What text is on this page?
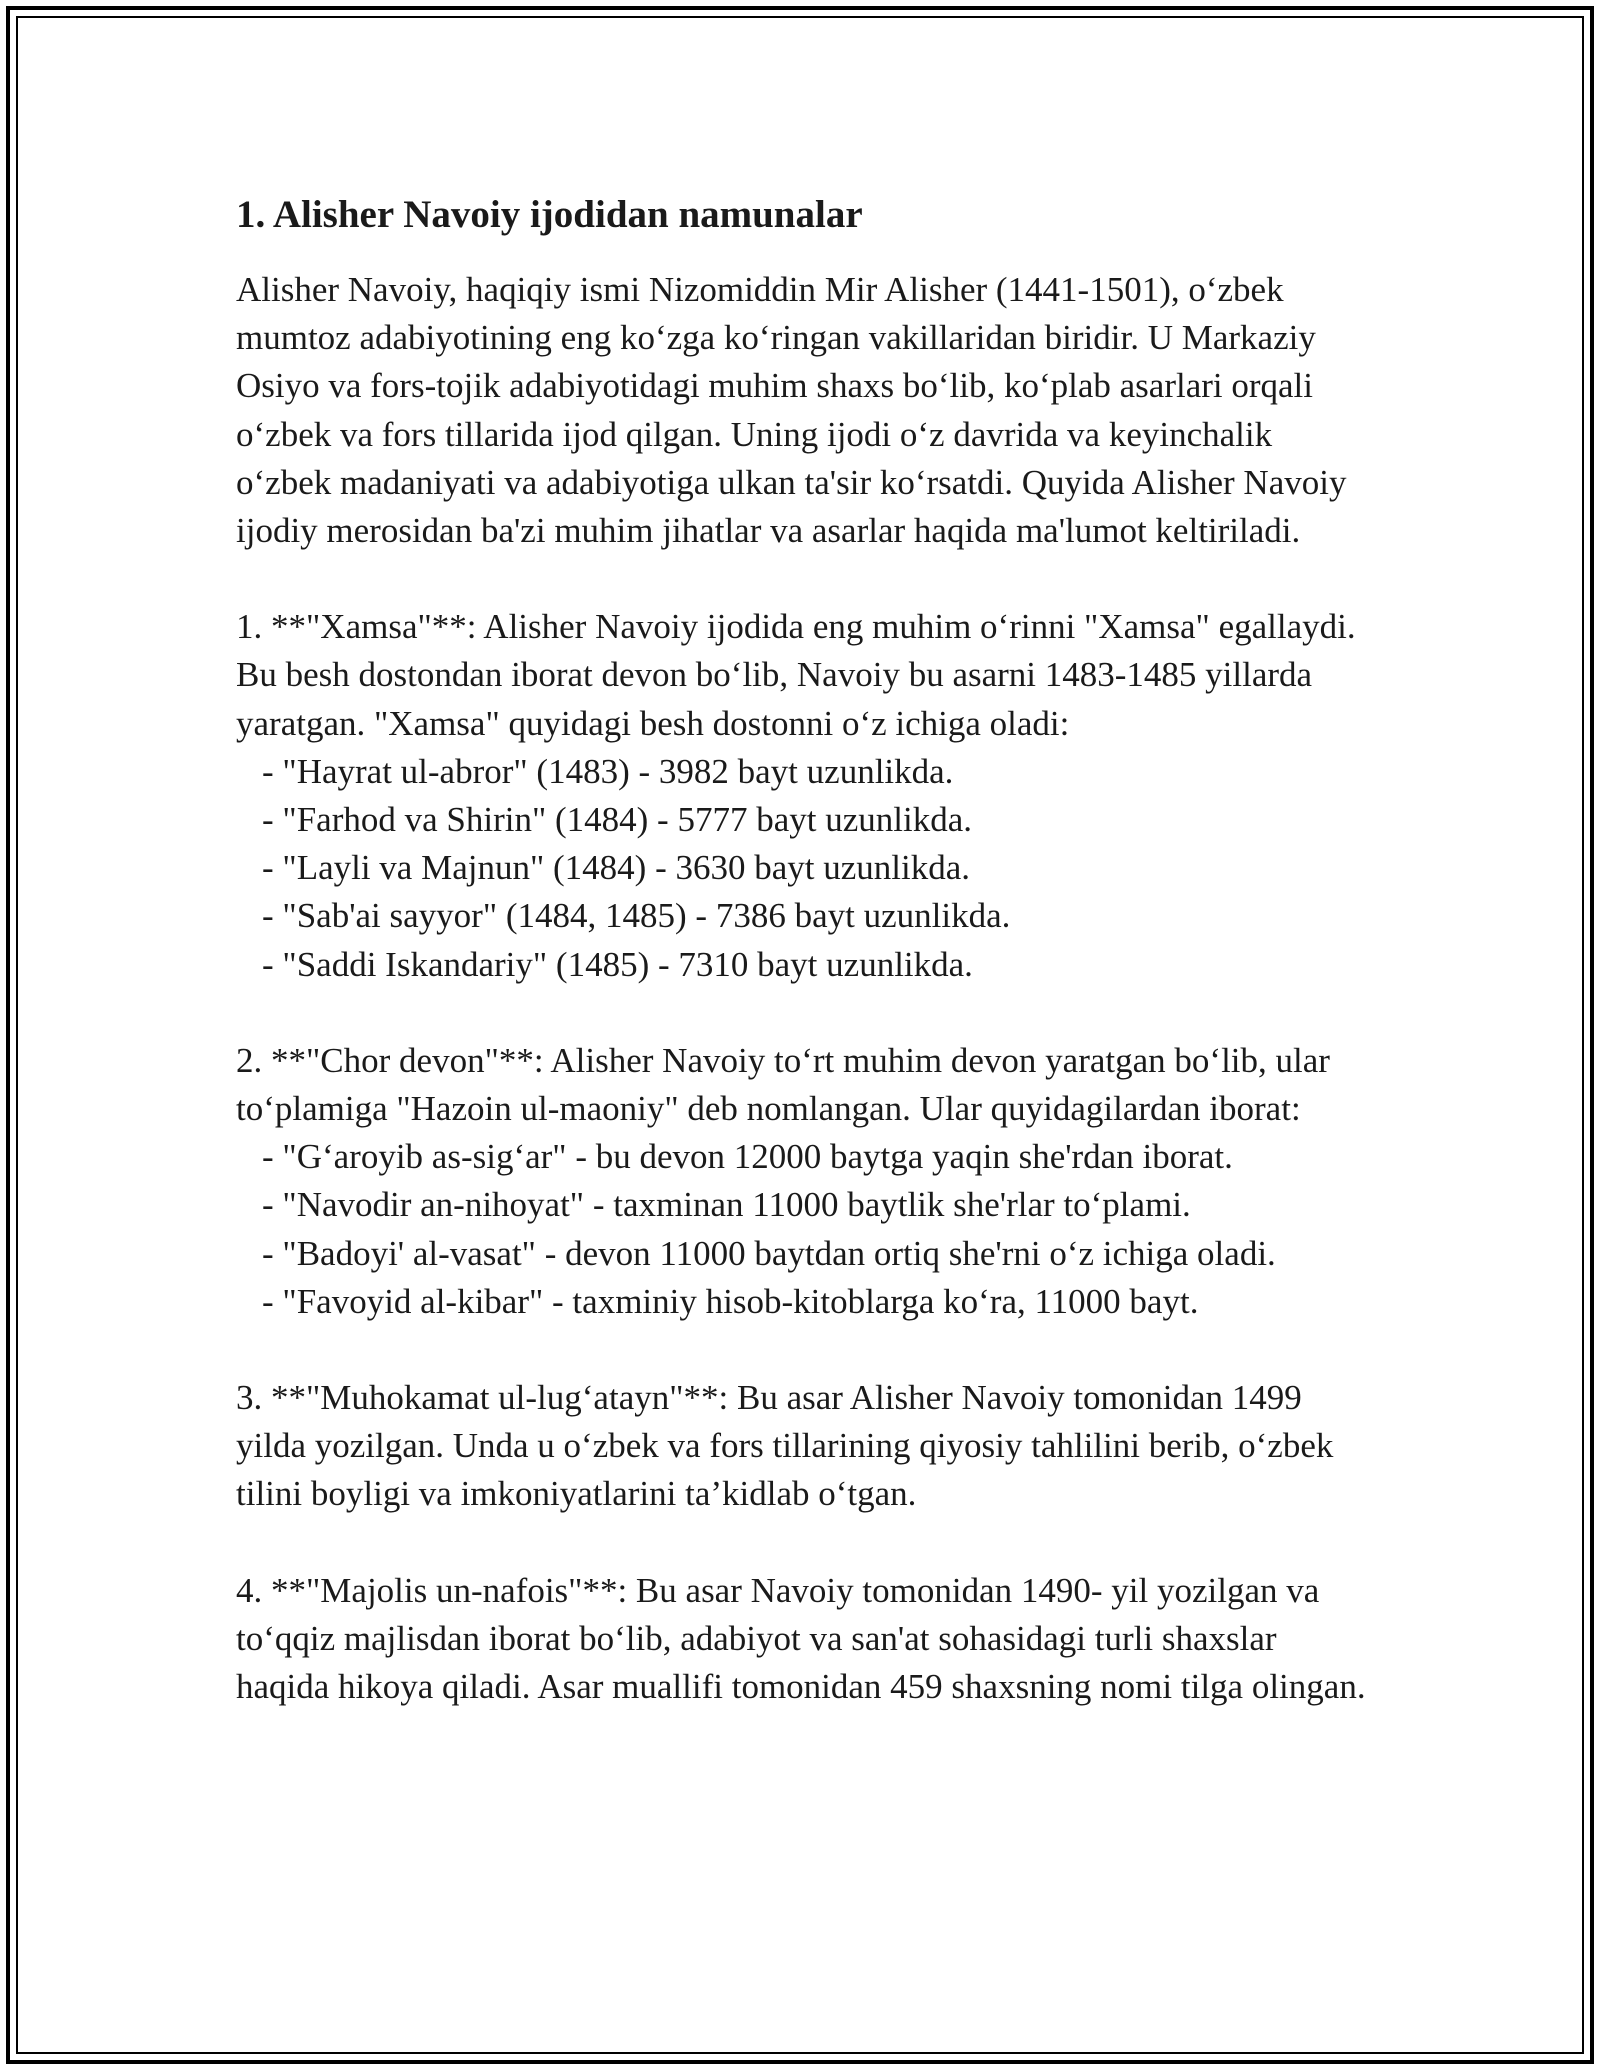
1. Alisher Navoiy ijodidan namunalar

Alisher Navoiy, haqiqiy ismi Nizomiddin Mir Alisher (1441-1501), o‘zbek mumtoz adabiyotining eng ko‘zga ko‘ringan vakillaridan biridir. U Markaziy Osiyo va fors-tojik adabiyotidagi muhim shaxs bo‘lib, ko‘plab asarlari orqali o‘zbek va fors tillarida ijod qilgan. Uning ijodi o‘z davrida va keyinchalik o‘zbek madaniyati va adabiyotiga ulkan ta'sir ko‘rsatdi. Quyida Alisher Navoiy ijodiy merosidan ba'zi muhim jihatlar va asarlar haqida ma'lumot keltiriladi.

1. **"Xamsa"**: Alisher Navoiy ijodida eng muhim o‘rinni "Xamsa" egallaydi. Bu besh dostondan iborat devon bo‘lib, Navoiy bu asarni 1483-1485 yillarda yaratgan. "Xamsa" quyidagi besh dostonni o‘z ichiga oladi:

- "Hayrat ul-abror" (1483) - 3982 bayt uzunlikda.

- "Farhod va Shirin" (1484) - 5777 bayt uzunlikda.

- "Layli va Majnun" (1484) - 3630 bayt uzunlikda.

- "Sab'ai sayyor" (1484, 1485) - 7386 bayt uzunlikda.

- "Saddi Iskandariy" (1485) - 7310 bayt uzunlikda.

2. **"Chor devon"**: Alisher Navoiy to‘rt muhim devon yaratgan bo‘lib, ular to‘plamiga "Hazoin ul-maoniy" deb nomlangan. Ular quyidagilardan iborat:

- "G‘aroyib as-sig‘ar" - bu devon 12000 baytga yaqin she'rdan iborat.

- "Navodir an-nihoyat" - taxminan 11000 baytlik she'rlar to‘plami.

- "Badoyi' al-vasat" - devon 11000 baytdan ortiq she'rni o‘z ichiga oladi.

- "Favoyid al-kibar" - taxminiy hisob-kitoblarga ko‘ra, 11000 bayt.

3. **"Muhokamat ul-lug‘atayn"**: Bu asar Alisher Navoiy tomonidan 1499 yilda yozilgan. Unda u o‘zbek va fors tillarining qiyosiy tahlilini berib, o‘zbek tilini boyligi va imkoniyatlarini ta’kidlab o‘tgan.

4. **"Majolis un-nafois"**: Bu asar Navoiy tomonidan 1490- yil yozilgan va to‘qqiz majlisdan iborat bo‘lib, adabiyot va san'at sohasidagi turli shaxslar haqida hikoya qiladi. Asar muallifi tomonidan 459 shaxsning nomi tilga olingan.
